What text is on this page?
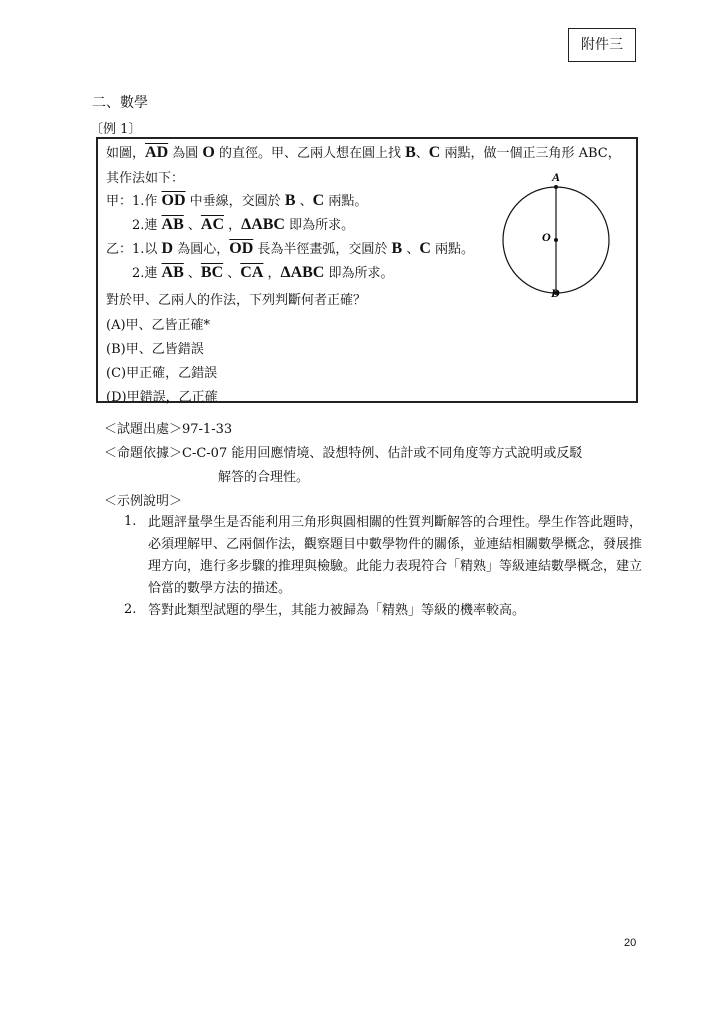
附件三
二、數學
〔例 1〕
如圖，$\overline{AD}$ 為圓 O 的直徑。甲、乙兩人想在圓上找 B、C 兩點，做一個正三角形 ABC，
其作法如下：
甲：1.作 $\overline{OD}$ 中垂線，交圓於 B 、C 兩點。
2.連 $\overline{AB}$ 、$\overline{AC}$ ，ΔABC 即為所求。
乙：1.以 D 為圓心，$\overline{OD}$ 長為半徑畫弧，交圓於 B 、C 兩點。
2.連 $\overline{AB}$ 、$\overline{BC}$ 、$\overline{CA}$ ，ΔABC 即為所求。
對於甲、乙兩人的作法，下列判斷何者正確？
(A)甲、乙皆正確*
(B)甲、乙皆錯誤
(C)甲正確，乙錯誤
(D)甲錯誤，乙正確
A
O
D
＜試題出處＞97-1-33
＜命題依據＞C-C-07 能用回應情境、設想特例、估計或不同角度等方式說明或反駁
解答的合理性。
＜示例說明＞
1. 此題評量學生是否能利用三角形與圓相關的性質判斷解答的合理性。學生作答此題時，必須理解甲、乙兩個作法，觀察題目中數學物件的關係，並連結相關數學概念，發展推理方向，進行多步驟的推理與檢驗。此能力表現符合「精熟」等級連結數學概念，建立恰當的數學方法的描述。
2. 答對此類型試題的學生，其能力被歸為「精熟」等級的機率較高。
20
